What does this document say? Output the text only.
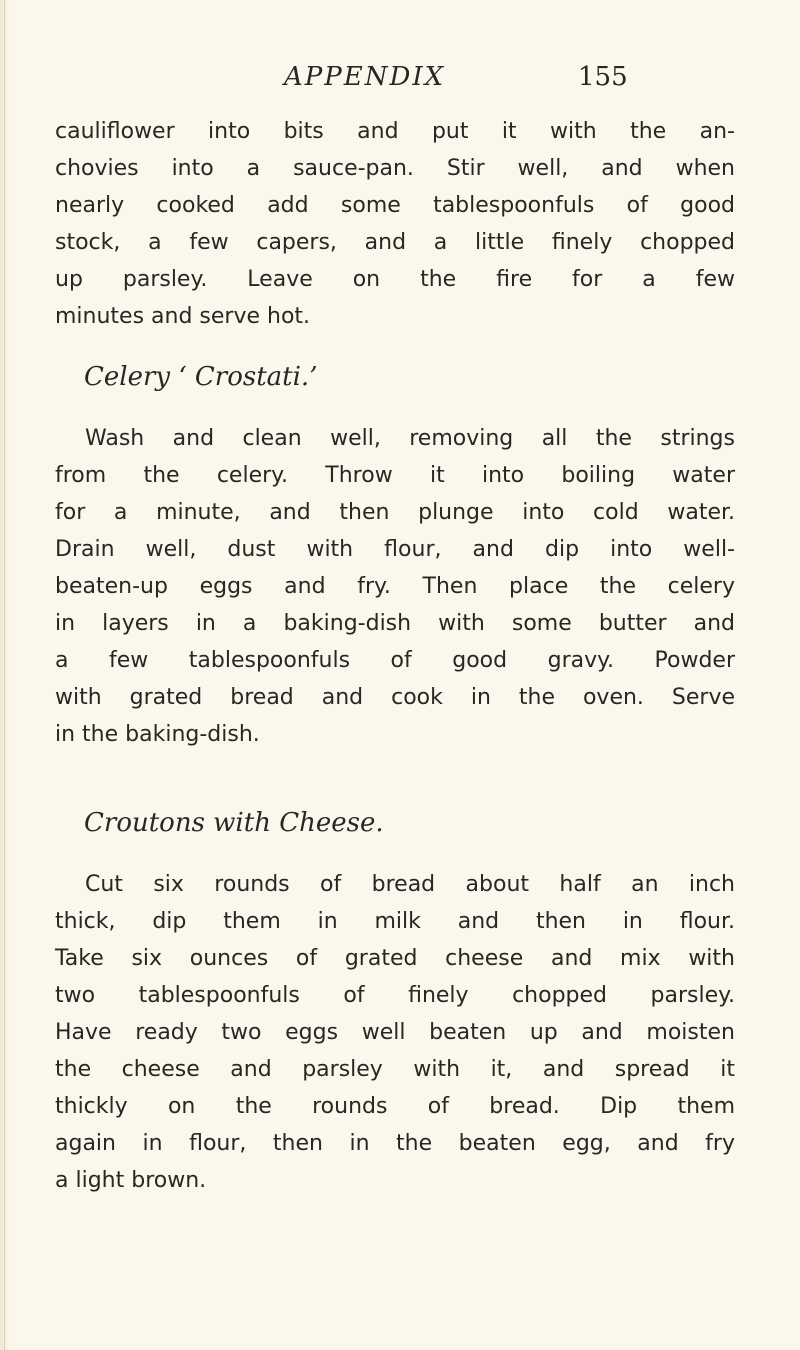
APPENDIX	155
cauliflower into bits and put it with the an-
chovies into a sauce-pan. Stir well, and when
nearly cooked add some tablespoonfuls of good
stock, a few capers, and a little finely chopped
up parsley. Leave on the fire for a few
minutes and serve hot.
Celery ‘ Crostati.’
Wash and clean well, removing all the strings
from the celery. Throw it into boiling water
for a minute, and then plunge into cold water.
Drain well, dust with flour, and dip into well-
beaten-up eggs and fry. Then place the celery
in layers in a baking-dish with some butter and
a few tablespoonfuls of good gravy. Powder
with grated bread and cook in the oven. Serve
in the baking-dish.
Croutons with Cheese.
Cut six rounds of bread about half an inch
thick, dip them in milk and then in flour.
Take six ounces of grated cheese and mix with
two tablespoonfuls of finely chopped parsley.
Have ready two eggs well beaten up and moisten
the cheese and parsley with it, and spread it
thickly on the rounds of bread. Dip them
again in flour, then in the beaten egg, and fry
a light brown.
